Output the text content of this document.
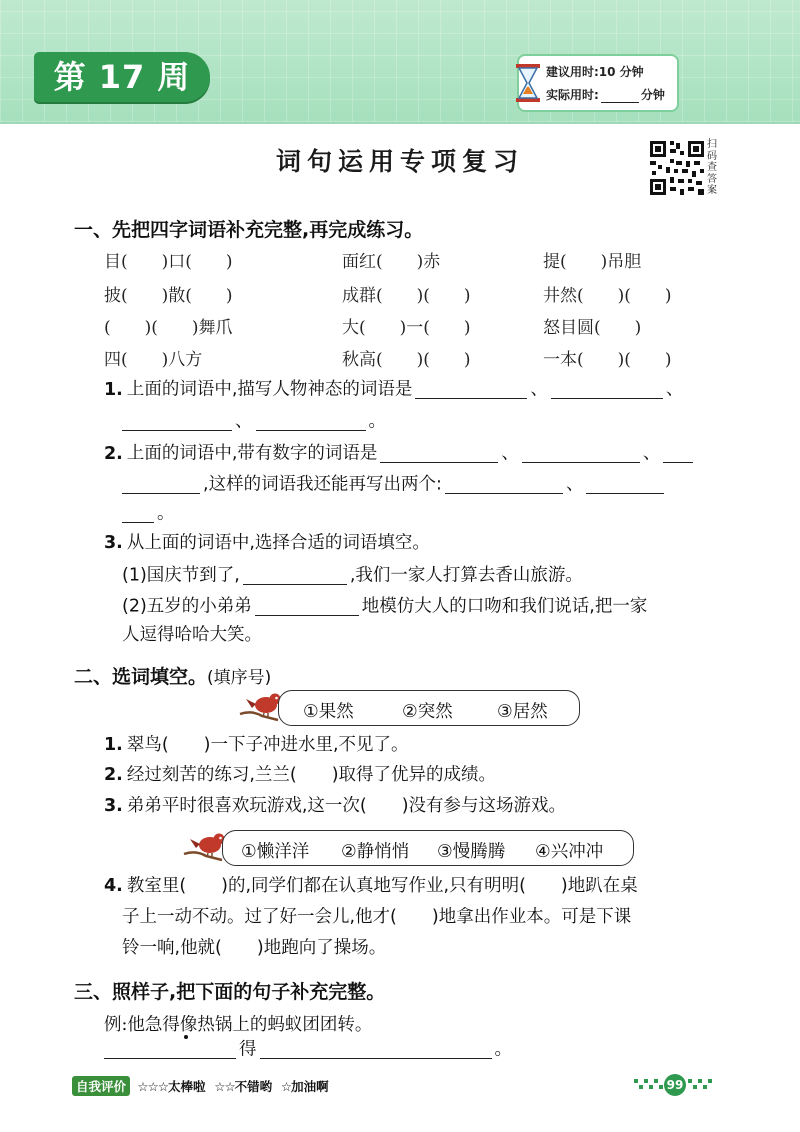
第 17 周	建议用时:10 分钟
实际用时:	分钟
词句运用专项复习
扫码查答案
一、先把四字词语补充完整,再完成练习。
目(　　)口(　　)	面红(　　)赤	提(　　)吊胆
披(　　)散(　　)	成群(　　)(　　)	井然(　　)(　　)
(　　)(　　)舞爪	大(　　)一(　　)	怒目圆(　　)
四(　　)八方	秋高(　　)(　　)	一本(　　)(　　)
1. 上面的词语中,描写人物神态的词语是	、	、
、	。
2. 上面的词语中,带有数字的词语是	、	、
,这样的词语我还能再写出两个:	、
。
3. 从上面的词语中,选择合适的词语填空。
(1)国庆节到了,	,我们一家人打算去香山旅游。
(2)五岁的小弟弟	地模仿大人的口吻和我们说话,把一家
人逗得哈哈大笑。
二、选词填空。(填序号)
①果然	②突然	③居然
1. 翠鸟(　　)一下子冲进水里,不见了。
2. 经过刻苦的练习,兰兰(　　)取得了优异的成绩。
3. 弟弟平时很喜欢玩游戏,这一次(　　)没有参与这场游戏。
①懒洋洋 ②静悄悄 ③慢腾腾 ④兴冲冲
4. 教室里(　　)的,同学们都在认真地写作业,只有明明(　　)地趴在桌
子上一动不动。过了好一会儿,他才(　　)地拿出作业本。可是下课
铃一响,他就(　　)地跑向了操场。
三、照样子,把下面的句子补充完整。
例:他急得像热锅上的蚂蚁团团转。
得	。
自我评价 ☆☆☆太棒啦 ☆☆不错哟 ☆加油啊	99
